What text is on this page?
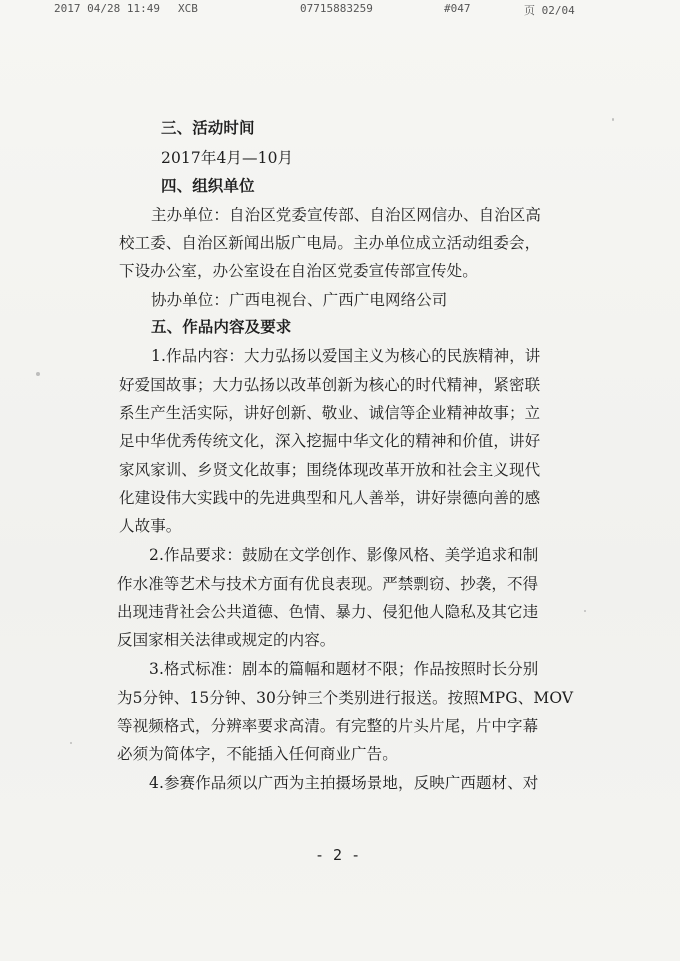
2017 04/28 11:49 XCB	07715883259	#047	页 02/04
三、活动时间
2017年4月—10月
四、组织单位
主办单位：自治区党委宣传部、自治区网信办、自治区高
校工委、自治区新闻出版广电局。主办单位成立活动组委会，
下设办公室，办公室设在自治区党委宣传部宣传处。
协办单位：广西电视台、广西广电网络公司
五、作品内容及要求
1.作品内容：大力弘扬以爱国主义为核心的民族精神，讲
好爱国故事；大力弘扬以改革创新为核心的时代精神，紧密联
系生产生活实际，讲好创新、敬业、诚信等企业精神故事；立
足中华优秀传统文化，深入挖掘中华文化的精神和价值，讲好
家风家训、乡贤文化故事；围绕体现改革开放和社会主义现代
化建设伟大实践中的先进典型和凡人善举，讲好崇德向善的感
人故事。
2.作品要求：鼓励在文学创作、影像风格、美学追求和制
作水准等艺术与技术方面有优良表现。严禁剽窃、抄袭，不得
出现违背社会公共道德、色情、暴力、侵犯他人隐私及其它违
反国家相关法律或规定的内容。
3.格式标准：剧本的篇幅和题材不限；作品按照时长分别
为5分钟、15分钟、30分钟三个类别进行报送。按照MPG、MOV
等视频格式，分辨率要求高清。有完整的片头片尾，片中字幕
必须为简体字，不能插入任何商业广告。
4.参赛作品须以广西为主拍摄场景地，反映广西题材、对
- 2 -
